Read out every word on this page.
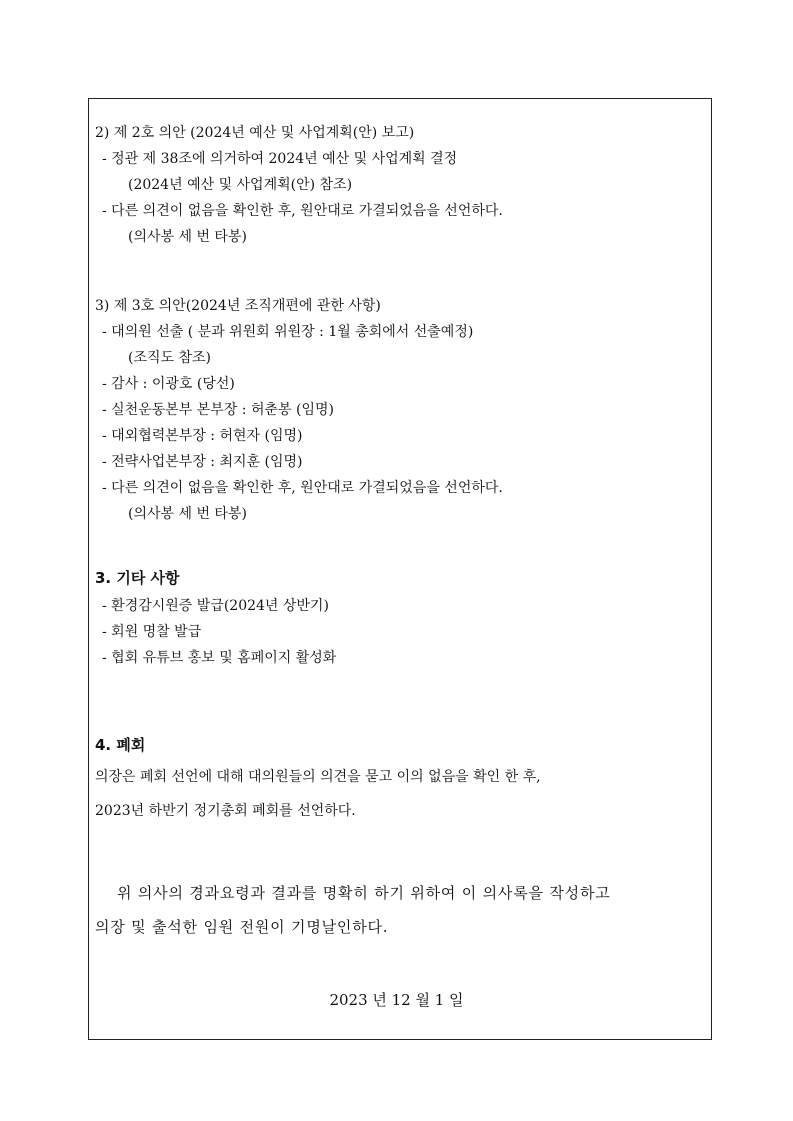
2) 제 2호 의안 (2024년 예산 및 사업계획(안) 보고)
- 정관 제 38조에 의거하여 2024년 예산 및 사업계획 결정
(2024년 예산 및 사업계획(안) 참조)
- 다른 의견이 없음을 확인한 후, 원안대로 가결되었음을 선언하다.
(의사봉 세 번 타봉)
3) 제 3호 의안(2024년 조직개편에 관한 사항)
- 대의원 선출 ( 분과 위원회 위원장 : 1월 총회에서 선출예정)
(조직도 참조)
- 감사 : 이광호 (당선)
- 실천운동본부 본부장 : 허춘봉 (임명)
- 대외협력본부장 : 허현자 (임명)
- 전략사업본부장 : 최지훈 (임명)
- 다른 의견이 없음을 확인한 후, 원안대로 가결되었음을 선언하다.
(의사봉 세 번 타봉)
3. 기타 사항
- 환경감시원증 발급(2024년 상반기)
- 회원 명찰 발급
- 협회 유튜브 홍보 및 홈페이지 활성화
4. 폐회
의장은 폐회 선언에 대해 대의원들의 의견을 묻고 이의 없음을 확인 한 후,
2023년 하반기 정기총회 폐회를 선언하다.
위 의사의 경과요령과 결과를 명확히 하기 위하여 이 의사록을 작성하고
의장 및 출석한 임원 전원이 기명날인하다.
2023 년 12 월 1 일
